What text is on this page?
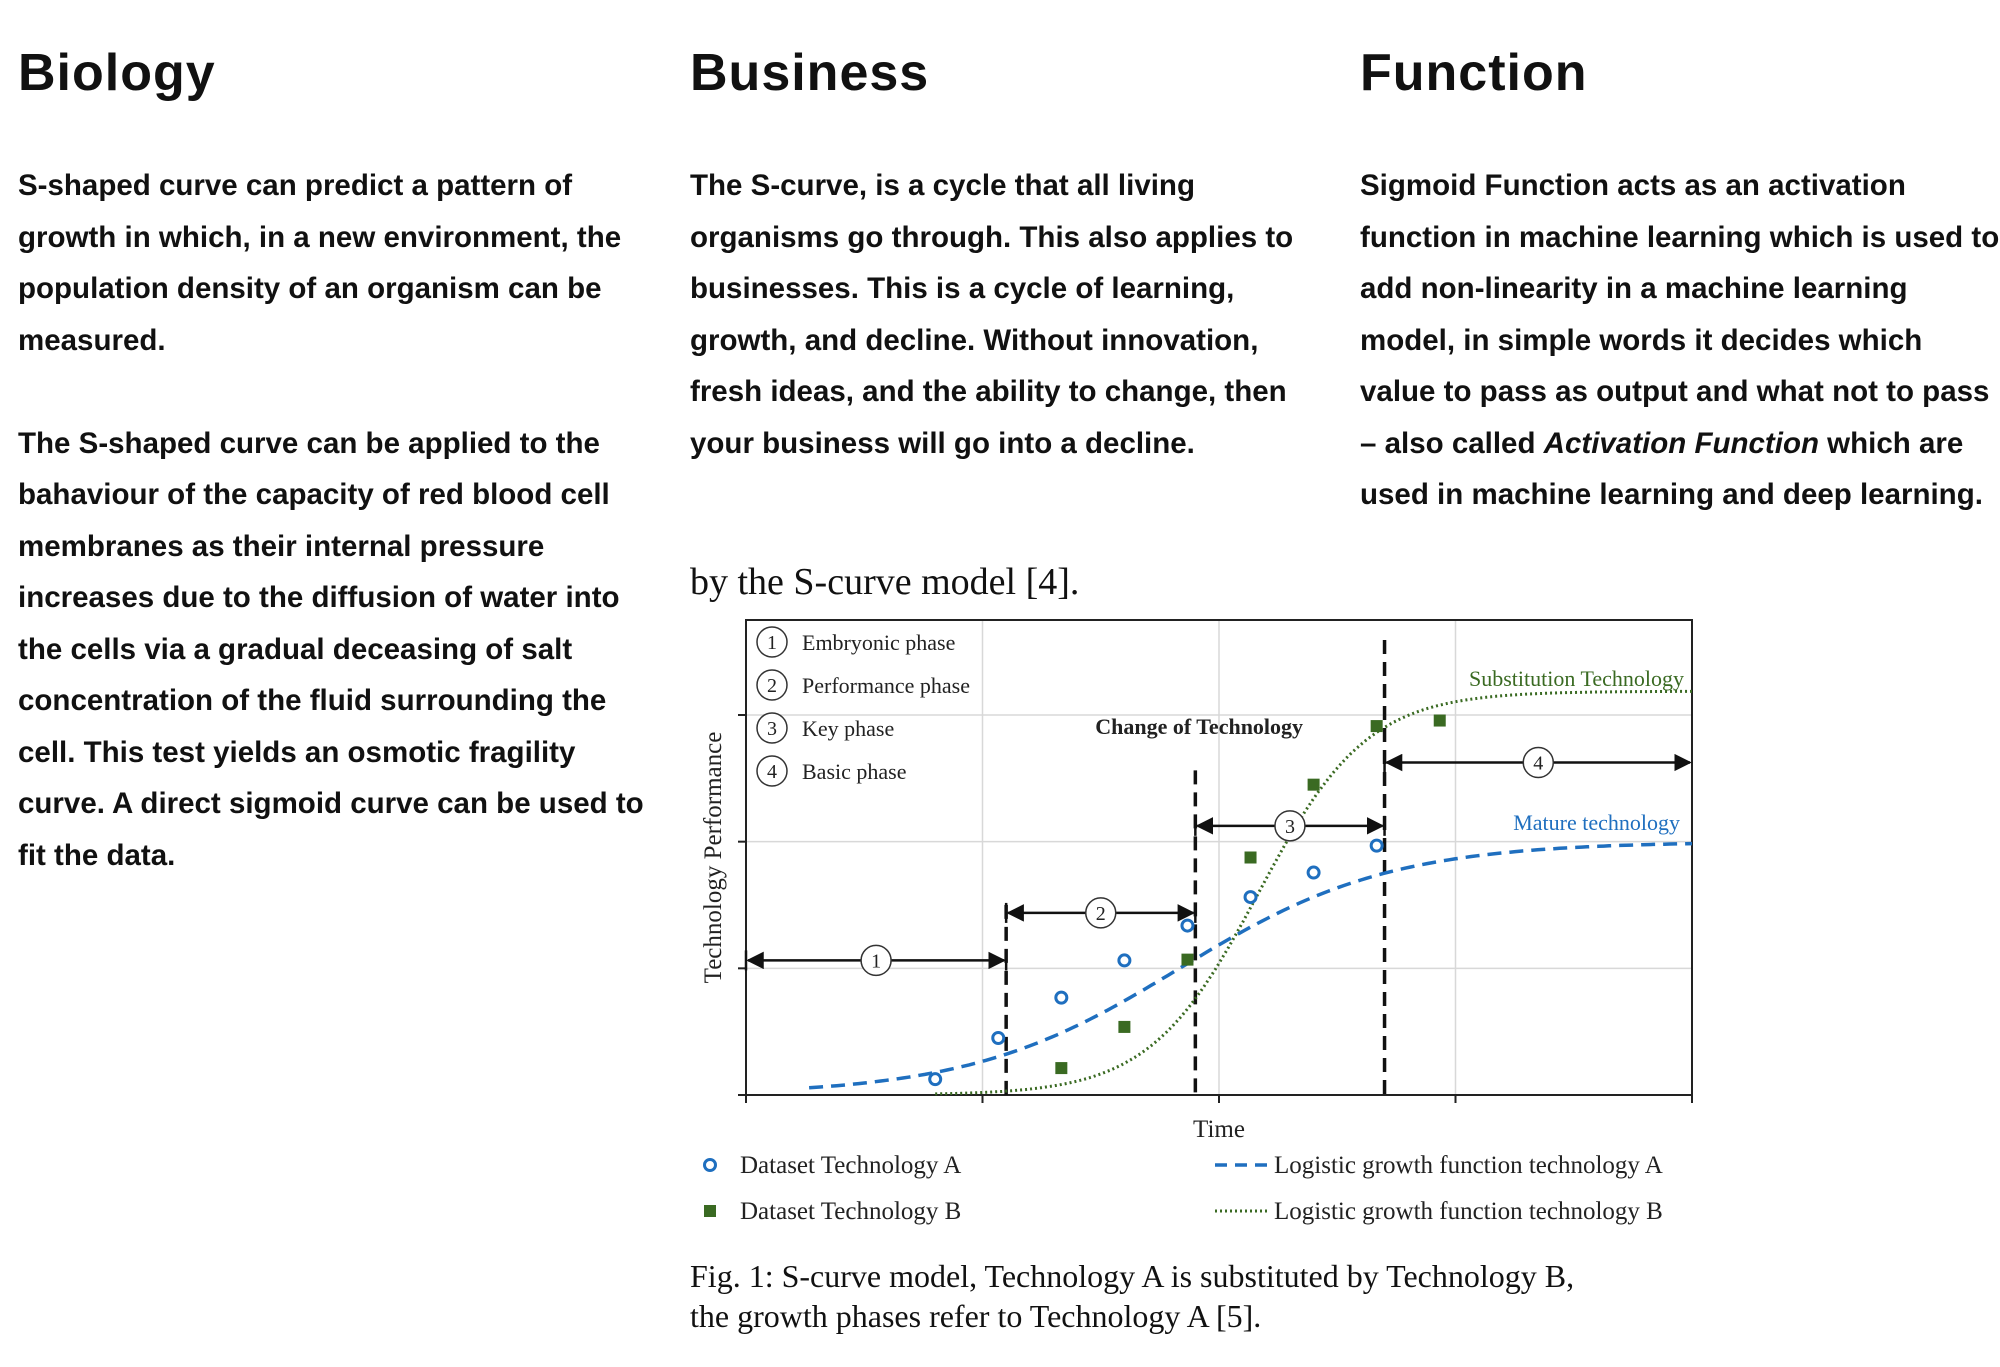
Biology

S-shaped curve can predict a pattern of growth in which, in a new environment, the population density of an organism can be measured.

The S-shaped curve can be applied to the bahaviour of the capacity of red blood cell membranes as their internal pressure increases due to the diffusion of water into the cells via a gradual deceasing of salt concentration of the fluid surrounding the cell. This test yields an osmotic fragility curve. A direct sigmoid curve can be used to fit the data.

Business

The S-curve, is a cycle that all living organisms go through. This also applies to businesses. This is a cycle of learning, growth, and decline. Without innovation, fresh ideas, and the ability to change, then your business will go into a decline.

Function

Sigmoid Function acts as an activation function in machine learning which is used to add non-linearity in a machine learning model, in simple words it decides which value to pass as output and what not to pass – also called Activation Function which are used in machine learning and deep learning.

by the S-curve model [4].
1
2
3
4
1 Embryonic phase
2 Performance phase
3 Key phase
4 Basic phase
Change of Technology
Substitution Technology
Mature technology
Time
Technology Performance
Dataset Technology A
Dataset Technology B
Logistic growth function technology A
Logistic growth function technology B
Fig. 1: S-curve model, Technology A is substituted by Technology B,
the growth phases refer to Technology A [5].
